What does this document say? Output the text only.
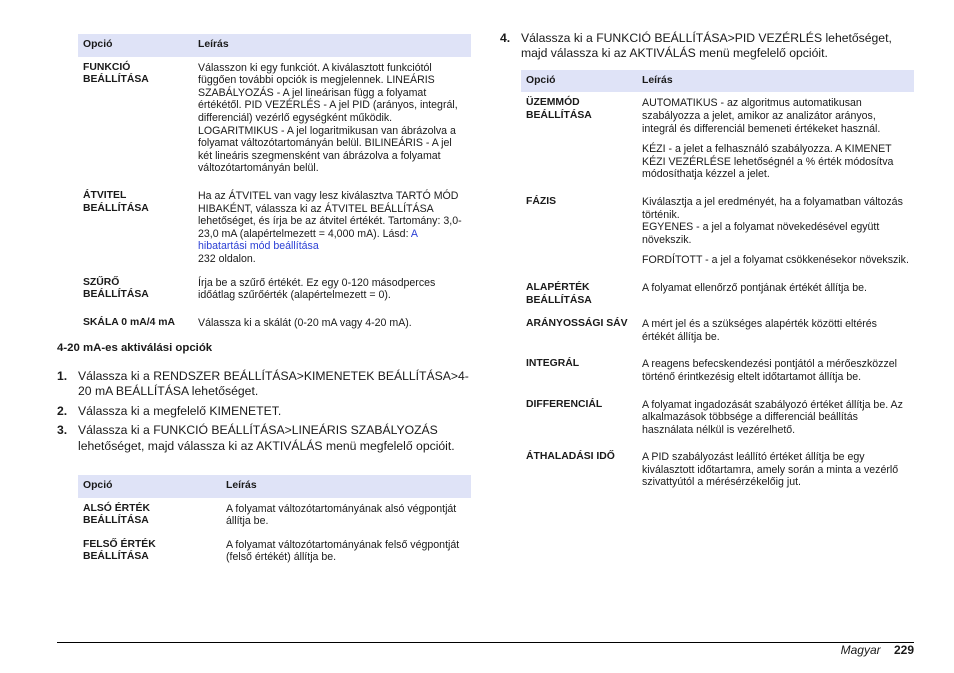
Opció	Leírás
FUNKCIÓ BEÁLLÍTÁSA	Válasszon ki egy funkciót. A kiválasztott funkciótól függően további opciók is megjelennek. LINEÁRIS SZABÁLYOZÁS - A jel lineárisan függ a folyamat értékétől. PID VEZÉRLÉS - A jel PID (arányos, integrál, differenciál) vezérlő egységként működik. LOGARITMIKUS - A jel logaritmikusan van ábrázolva a folyamat változótartományán belül. BILINEÁRIS - A jel két lineáris szegmensként van ábrázolva a folyamat változótartományán belül.

ÁTVITEL BEÁLLÍTÁSA	Ha az ÁTVITEL van vagy lesz kiválasztva TARTÓ MÓD HIBAKÉNT, válassza ki az ÁTVITEL BEÁLLÍTÁSA lehetőséget, és írja be az átvitel értékét. Tartomány: 3,0-23,0 mA (alapértelmezett = 4,000 mA). Lásd: A hibatartási mód beállítása
232 oldalon.
SZŰRŐ BEÁLLÍTÁSA	Írja be a szűrő értékét. Ez egy 0-120 másodperces időátlag szűrőérték (alapértelmezett = 0).

SKÁLA 0 mA/4 mA	Válassza ki a skálát (0-20 mA vagy 4-20 mA).
4-20 mA-es aktiválási opciók
1. Válassza ki a RENDSZER BEÁLLÍTÁSA>KIMENETEK BEÁLLÍTÁSA>4-20 mA BEÁLLÍTÁSA lehetőséget.
2. Válassza ki a megfelelő KIMENETET.
3. Válassza ki a FUNKCIÓ BEÁLLÍTÁSA>LINEÁRIS SZABÁLYOZÁS lehetőséget, majd válassza ki az AKTIVÁLÁS menü megfelelő opcióit.
Opció	Leírás
ALSÓ ÉRTÉK BEÁLLÍTÁSA	A folyamat változótartományának alsó végpontját állítja be.
FELSŐ ÉRTÉK BEÁLLÍTÁSA	A folyamat változótartományának felső végpontját (felső értékét) állítja be.
4. Válassza ki a FUNKCIÓ BEÁLLÍTÁSA>PID VEZÉRLÉS lehetőséget, majd válassza ki az AKTIVÁLÁS menü megfelelő opcióit.
Opció	Leírás
ÜZEMMÓD BEÁLLÍTÁSA	AUTOMATIKUS - az algoritmus automatikusan szabályozza a jelet, amikor az analizátor arányos, integrál és differenciál bemeneti értékeket használ.
KÉZI - a jelet a felhasználó szabályozza. A KIMENET KÉZI VEZÉRLÉSE lehetőségnél a % érték módosítva módosíthatja kézzel a jelet.

FÁZIS	Kiválasztja a jel eredményét, ha a folyamatban változás történik.
EGYENES - a jel a folyamat növekedésével együtt növekszik.
FORDÍTOTT - a jel a folyamat csökkenésekor növekszik.

ALAPÉRTÉK BEÁLLÍTÁSA	A folyamat ellenőrző pontjának értékét állítja be.

ARÁNYOSSÁGI SÁV	A mért jel és a szükséges alapérték közötti eltérés értékét állítja be.

INTEGRÁL	A reagens befecskendezési pontjától a mérőeszközzel történő érintkezésig eltelt időtartamot állítja be.

DIFFERENCIÁL	A folyamat ingadozását szabályozó értéket állítja be. Az alkalmazások többsége a differenciál beállítás használata nélkül is vezérelhető.

ÁTHALADÁSI IDŐ	A PID szabályozást leállító értéket állítja be egy kiválasztott időtartamra, amely során a minta a vezérlő szivattyútól a mérésérzékelőig jut.
Magyar 229
